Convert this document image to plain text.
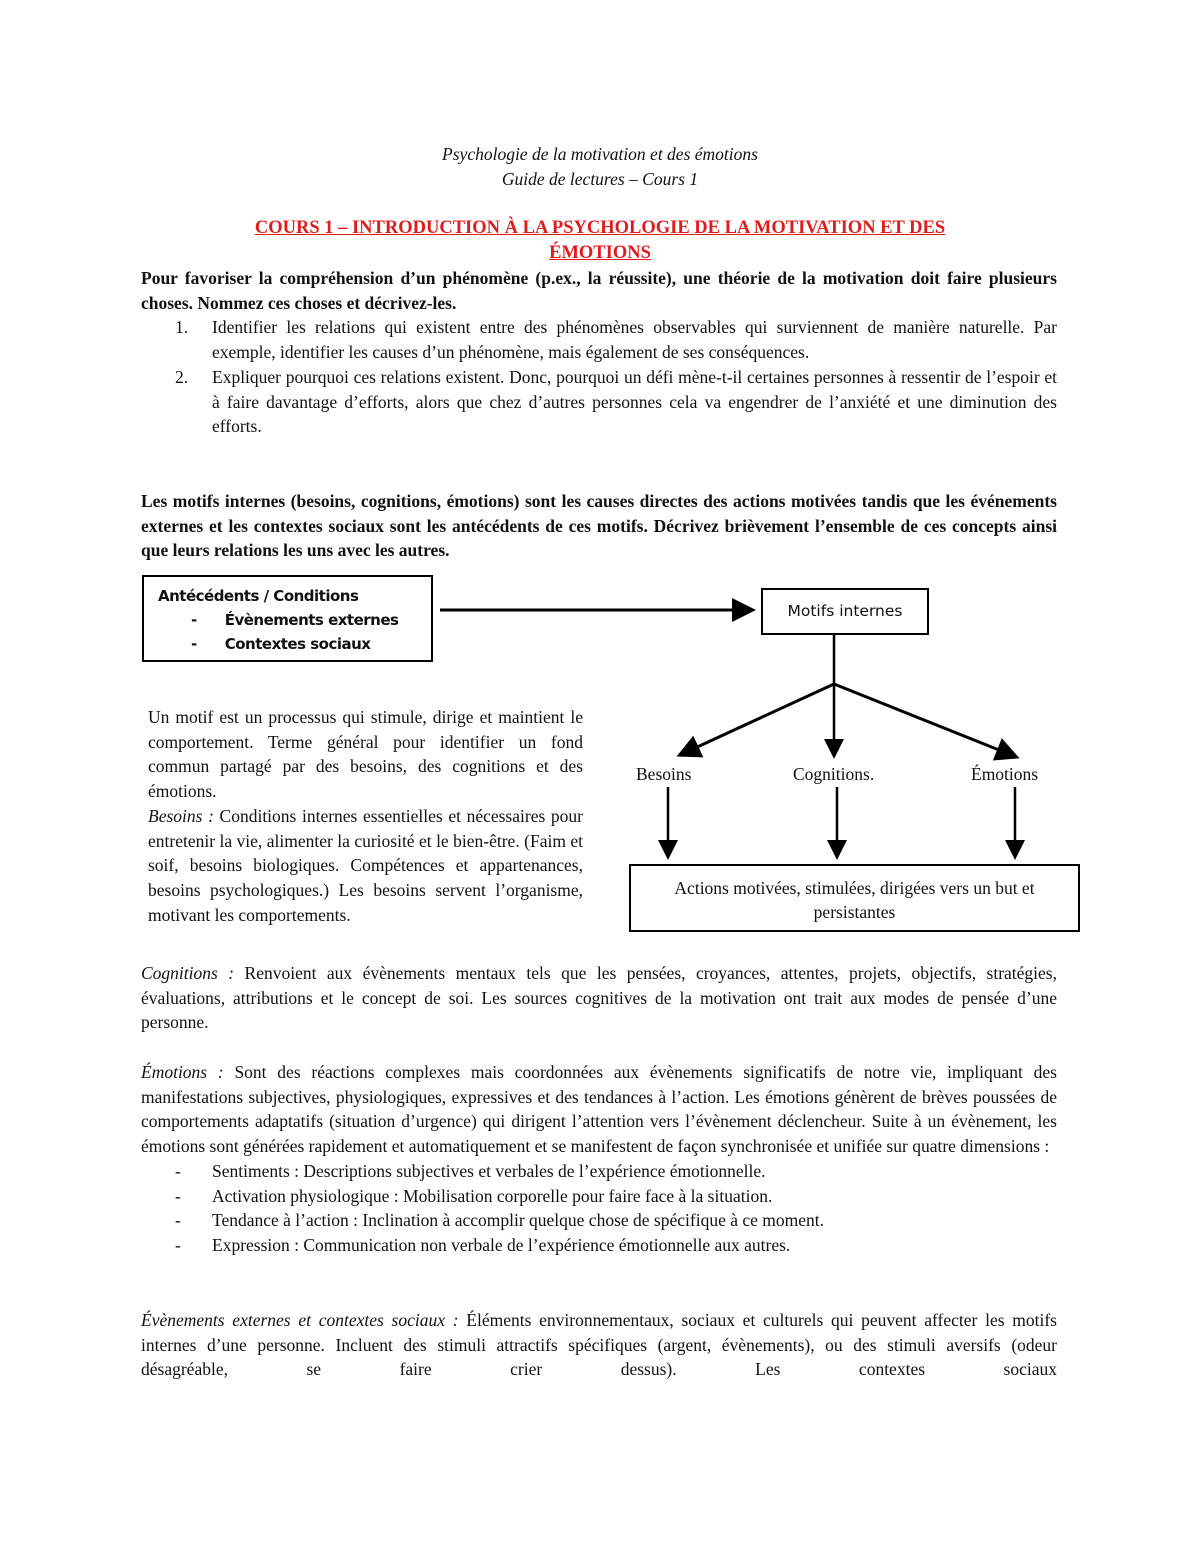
Psychologie de la motivation et des émotions
Guide de lectures – Cours 1
COURS 1 – INTRODUCTION À LA PSYCHOLOGIE DE LA MOTIVATION ET DES
ÉMOTIONS
Pour favoriser la compréhension d’un phénomène (p.ex., la réussite), une théorie de la motivation doit faire plusieurs choses. Nommez ces choses et décrivez-les.
1. Identifier les relations qui existent entre des phénomènes observables qui surviennent de manière naturelle. Par exemple, identifier les causes d’un phénomène, mais également de ses conséquences.
2. Expliquer pourquoi ces relations existent. Donc, pourquoi un défi mène-t-il certaines personnes à ressentir de l’espoir et à faire davantage d’efforts, alors que chez d’autres personnes cela va engendrer de l’anxiété et une diminution des efforts.
Les motifs internes (besoins, cognitions, émotions) sont les causes directes des actions motivées tandis que les événements externes et les contextes sociaux sont les antécédents de ces motifs. Décrivez brièvement l’ensemble de ces concepts ainsi que leurs relations les uns avec les autres.
Antécédents / Conditions
- Évènements externes
- Contextes sociaux
Motifs internes
Besoins	Cognitions.	Émotions
Actions motivées, stimulées, dirigées vers un but et persistantes
Un motif est un processus qui stimule, dirige et maintient le comportement. Terme général pour identifier un fond commun partagé par des besoins, des cognitions et des émotions.
Besoins : Conditions internes essentielles et nécessaires pour entretenir la vie, alimenter la curiosité et le bien-être. (Faim et soif, besoins biologiques. Compétences et appartenances, besoins psychologiques.) Les besoins servent l’organisme, motivant les comportements.
Cognitions : Renvoient aux évènements mentaux tels que les pensées, croyances, attentes, projets, objectifs, stratégies, évaluations, attributions et le concept de soi. Les sources cognitives de la motivation ont trait aux modes de pensée d’une personne.
Émotions : Sont des réactions complexes mais coordonnées aux évènements significatifs de notre vie, impliquant des manifestations subjectives, physiologiques, expressives et des tendances à l’action. Les émotions génèrent de brèves poussées de comportements adaptatifs (situation d’urgence) qui dirigent l’attention vers l’évènement déclencheur. Suite à un évènement, les émotions sont générées rapidement et automatiquement et se manifestent de façon synchronisée et unifiée sur quatre dimensions :
- Sentiments : Descriptions subjectives et verbales de l’expérience émotionnelle.
- Activation physiologique : Mobilisation corporelle pour faire face à la situation.
- Tendance à l’action : Inclination à accomplir quelque chose de spécifique à ce moment.
- Expression : Communication non verbale de l’expérience émotionnelle aux autres.
Évènements externes et contextes sociaux : Éléments environnementaux, sociaux et culturels qui peuvent affecter les motifs internes d’une personne. Incluent des stimuli attractifs spécifiques (argent, évènements), ou des stimuli aversifs (odeur désagréable, se faire crier dessus). Les contextes sociaux
